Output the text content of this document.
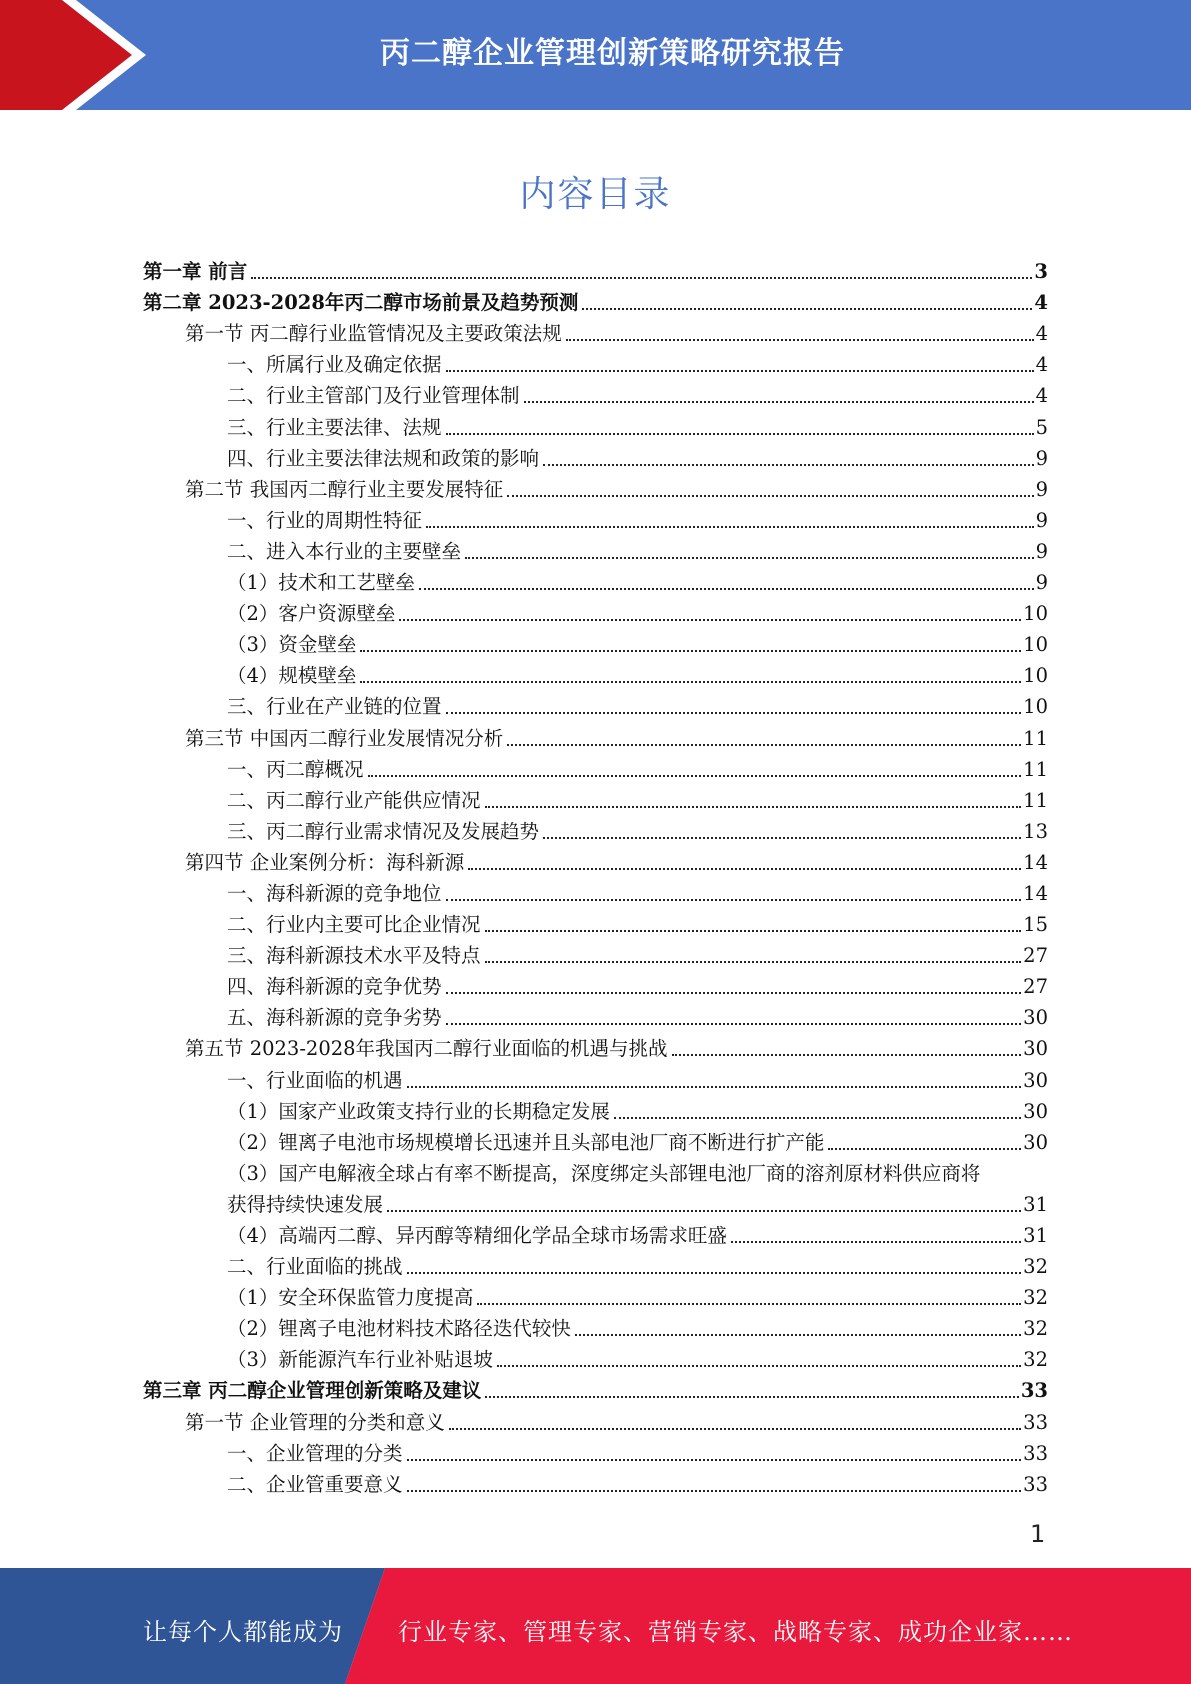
丙二醇企业管理创新策略研究报告
内容目录
第一章 前言	3
第二章 2023-2028年丙二醇市场前景及趋势预测	4
第一节 丙二醇行业监管情况及主要政策法规	4
一、所属行业及确定依据	4
二、行业主管部门及行业管理体制	4
三、行业主要法律、法规	5
四、行业主要法律法规和政策的影响	9
第二节 我国丙二醇行业主要发展特征	9
一、行业的周期性特征	9
二、进入本行业的主要壁垒	9
（1）技术和工艺壁垒	9
（2）客户资源壁垒	10
（3）资金壁垒	10
（4）规模壁垒	10
三、行业在产业链的位置	10
第三节 中国丙二醇行业发展情况分析	11
一、丙二醇概况	11
二、丙二醇行业产能供应情况	11
三、丙二醇行业需求情况及发展趋势	13
第四节 企业案例分析：海科新源	14
一、海科新源的竞争地位	14
二、行业内主要可比企业情况	15
三、海科新源技术水平及特点	27
四、海科新源的竞争优势	27
五、海科新源的竞争劣势	30
第五节 2023-2028年我国丙二醇行业面临的机遇与挑战	30
一、行业面临的机遇	30
（1）国家产业政策支持行业的长期稳定发展	30
（2）锂离子电池市场规模增长迅速并且头部电池厂商不断进行扩产能	30
（3）国产电解液全球占有率不断提高，深度绑定头部锂电池厂商的溶剂原材料供应商将
获得持续快速发展	31
（4）高端丙二醇、异丙醇等精细化学品全球市场需求旺盛	31
二、行业面临的挑战	32
（1）安全环保监管力度提高	32
（2）锂离子电池材料技术路径迭代较快	32
（3）新能源汽车行业补贴退坡	32
第三章 丙二醇企业管理创新策略及建议	33
第一节 企业管理的分类和意义	33
一、企业管理的分类	33
二、企业管重要意义	33
1
让每个人都能成为 行业专家、管理专家、营销专家、战略专家、成功企业家……
